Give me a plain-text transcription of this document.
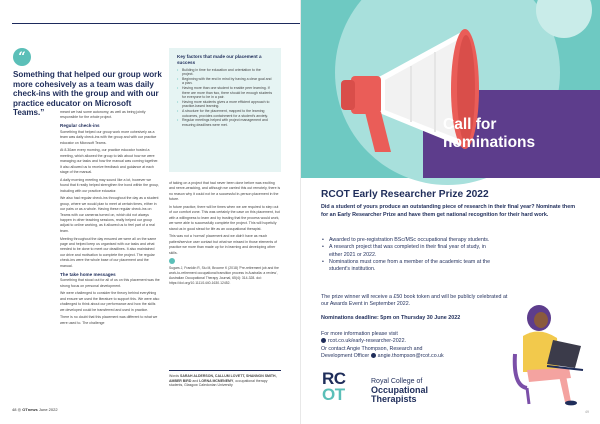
“
Something that helped our group work more cohesively as a team was daily check-ins with the group and with our practice educator on Microsoft Teams.”	meant we had some autonomy, as well as being jointly responsible for the whole project.

Regular check-ins

Something that helped our group work more cohesively as a team was daily check-ins with the group and with our practice educator on Microsoft Teams.

At 8.30am every morning, our practice educator hosted a meeting, which allowed the group to talk about how we were managing our tasks and how the manual was coming together. It also allowed us to receive feedback and guidance at each stage of the manual.

A daily morning meeting may sound like a lot, however we found that it really helped strengthen the bond within the group, including with our practice educator.

We also had regular check-ins throughout the day as a student group, where we would plan to meet at certain times, either in our pairs or as a whole. Having these regular check-ins on Teams with our cameras turned on, which did not always happen in other teaching sessions, really helped our group adjust to online working, as it allowed us to feel part of a real team.

Meeting throughout the day ensured we were all on the same page and helped keep us organised with our tasks and what needed to be done to meet our deadlines. It also maintained our drive and motivation to complete the project. The regular check-ins were the whole base of our placement and the manual.

The take home messages

Something that stood out for all of us on this placement was the strong focus on personal development.

We were challenged to consider the theory behind everything and ensure we used the literature to support this. We were also challenged to think about our performance and how the skills we developed could be transferred and used in practice.

There is no doubt that this placement was different to what we were used to. The challenge

Key factors that made our placement a success
• Building in time for education and orientation to the project.
• Beginning with the end in mind by having a clear goal and a plan.
• Having more than one student to enable peer learning. If there are more than two, there should be enough students for everyone to be in a pair.
• Having more students gives a more efficient approach to practice-based learning.
• A structure for the placement, mapped to the learning outcomes, provides containment for a student's anxiety.
• Regular meetings helped with project management and ensuring deadlines were met.

of taking on a project that had never been done before was exciting and nerve-wracking, and although we carried this out remotely, there is no reason why it could not be a successful in-person placement in the future.

In future practice, there will be times when we are required to step out of our comfort zone. This was certainly the case on this placement, but with a willingness to learn and by trusting that the process would work, we were able to successfully complete the project. This will hopefully stand us in good stead for life as an occupational therapist.

This was not a 'normal' placement and we didn't have as much patient/service user contact but what we missed in those elements of practice we more than made up for in learning and developing other skills.

Sugars J, Franklin R, Siu M, Broome K (2018) 'Pre-retirement job and the work-to-retirement occupational transition process in Australia: a review', Australian Occupational Therapy Journal, 65(4): 314-328. doi: https://doi.org/10.1111/1440-1630.12452.
Words SARAH ALDERSON, CALLUM LOVETT, SHANNON SMITH, AMBER BIRD and LORNA MCMENEMY, occupational therapy students, Glasgow Caledonian University
48 ◎ OTnews June 2022
Call for
nominations
RCOT Early Researcher Prize 2022
Did a student of yours produce an outstanding piece of research in their final year? Nominate them for an Early Researcher Prize and have them get national recognition for their hard work.
• Awarded to pre-registration BSc/MSc occupational therapy students.
• A research project that was completed in their final year of study, in either 2021 or 2022.
• Nominations must come from a member of the academic team at the student's institution.
The prize winner will receive a £50 book token and will be publicly celebrated at our Awards Event in September 2022.
Nominations deadline: 5pm on Thursday 30 June 2022
For more information please visit
rcot.co.uk/early-researcher-2022.
Or contact Angie Thompson, Research and
Development Officer angie.thompson@rcot.co.uk
RC
OT
Royal College of
Occupational
Therapists
49
